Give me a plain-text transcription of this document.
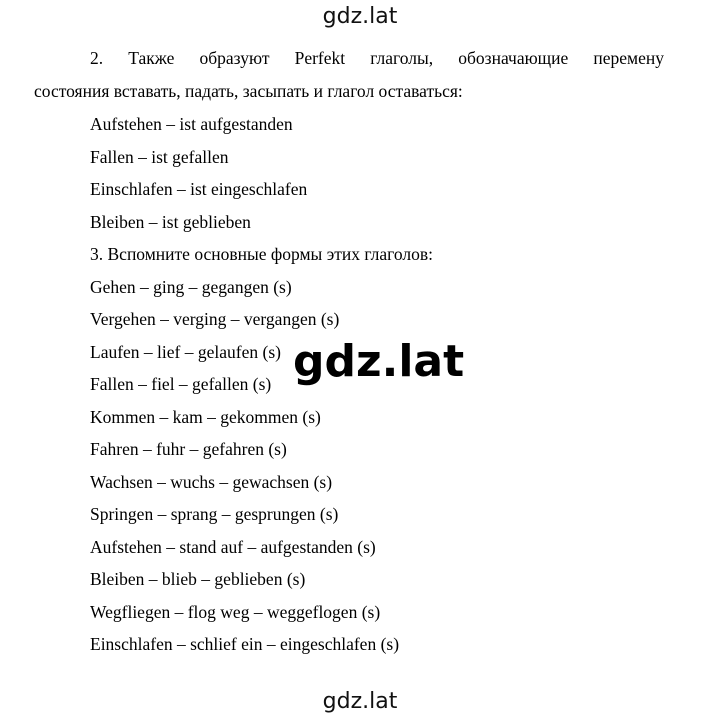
gdz.lat
2. Также образуют Perfekt глаголы, обозначающие перемену
состояния вставать, падать, засыпать и глагол оставаться:
Aufstehen – ist aufgestanden
Fallen – ist gefallen
Einschlafen – ist eingeschlafen
Bleiben – ist geblieben
3. Вспомните основные формы этих глаголов:
Gehen – ging – gegangen (s)
Vergehen – verging – vergangen (s)
Laufen – lief – gelaufen (s)
Fallen – fiel – gefallen (s)
Kommen – kam – gekommen (s)
Fahren – fuhr – gefahren (s)
Wachsen – wuchs – gewachsen (s)
Springen – sprang – gesprungen (s)
Aufstehen – stand auf – aufgestanden (s)
Bleiben – blieb – geblieben (s)
Wegfliegen – flog weg – weggeflogen (s)
Einschlafen – schlief ein – eingeschlafen (s)
gdz.lat
gdz.lat
